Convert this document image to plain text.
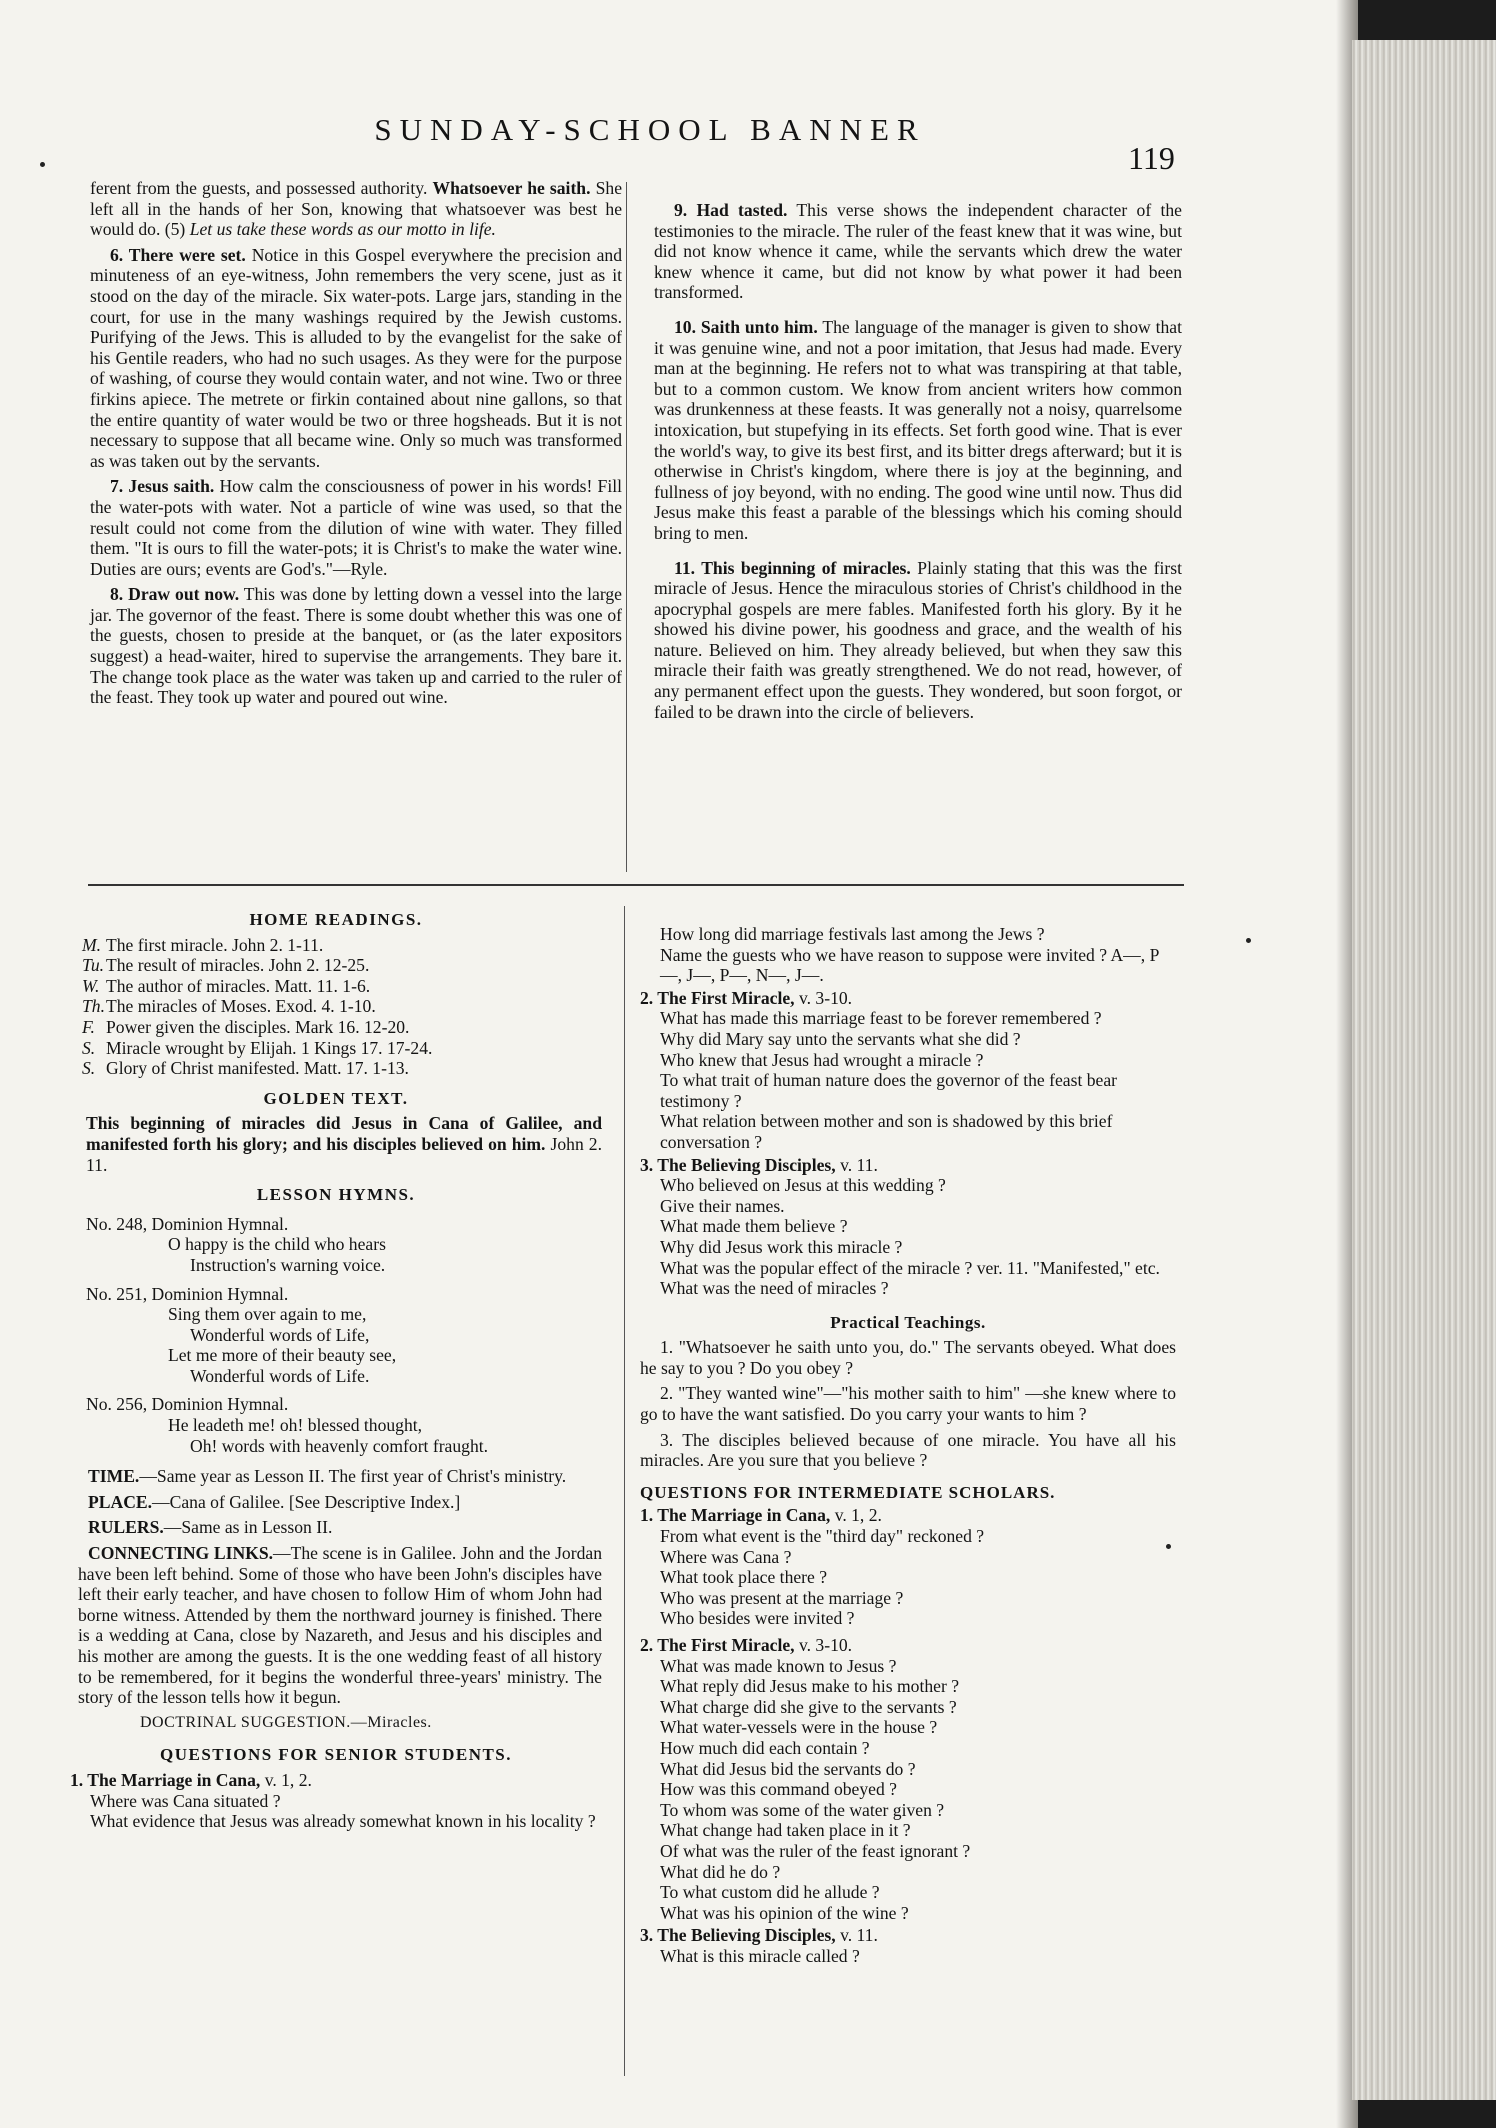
SUNDAY-SCHOOL BANNER
119

ferent from the guests, and possessed authority. Whatsoever he saith. She left all in the hands of her Son, knowing that whatsoever was best he would do. (5) Let us take these words as our motto in life.

6. There were set. Notice in this Gospel everywhere the precision and minuteness of an eye-witness, John remembers the very scene, just as it stood on the day of the miracle. Six water-pots. Large jars, standing in the court, for use in the many washings required by the Jewish customs. Purifying of the Jews. This is alluded to by the evangelist for the sake of his Gentile readers, who had no such usages. As they were for the purpose of washing, of course they would contain water, and not wine. Two or three firkins apiece. The metrete or firkin contained about nine gallons, so that the entire quantity of water would be two or three hogsheads. But it is not necessary to suppose that all became wine. Only so much was transformed as was taken out by the servants.

7. Jesus saith. How calm the consciousness of power in his words! Fill the water-pots with water. Not a particle of wine was used, so that the result could not come from the dilution of wine with water. They filled them. "It is ours to fill the water-pots; it is Christ's to make the water wine. Duties are ours; events are God's."—Ryle.

8. Draw out now. This was done by letting down a vessel into the large jar. The governor of the feast. There is some doubt whether this was one of the guests, chosen to preside at the banquet, or (as the later expositors suggest) a head-waiter, hired to supervise the arrangements. They bare it. The change took place as the water was taken up and carried to the ruler of the feast. They took up water and poured out wine.

9. Had tasted. This verse shows the independent character of the testimonies to the miracle. The ruler of the feast knew that it was wine, but did not know whence it came, while the servants which drew the water knew whence it came, but did not know by what power it had been transformed.

10. Saith unto him. The language of the manager is given to show that it was genuine wine, and not a poor imitation, that Jesus had made. Every man at the beginning. He refers not to what was transpiring at that table, but to a common custom. We know from ancient writers how common was drunkenness at these feasts. It was generally not a noisy, quarrelsome intoxication, but stupefying in its effects. Set forth good wine. That is ever the world's way, to give its best first, and its bitter dregs afterward; but it is otherwise in Christ's kingdom, where there is joy at the beginning, and fullness of joy beyond, with no ending. The good wine until now. Thus did Jesus make this feast a parable of the blessings which his coming should bring to men.

11. This beginning of miracles. Plainly stating that this was the first miracle of Jesus. Hence the miraculous stories of Christ's childhood in the apocryphal gospels are mere fables. Manifested forth his glory. By it he showed his divine power, his goodness and grace, and the wealth of his nature. Believed on him. They already believed, but when they saw this miracle their faith was greatly strengthened. We do not read, however, of any permanent effect upon the guests. They wondered, but soon forgot, or failed to be drawn into the circle of believers.

HOME READINGS.
M. The first miracle. John 2. 1-11.
Tu. The result of miracles. John 2. 12-25.
W. The author of miracles. Matt. 11. 1-6.
Th.The miracles of Moses. Exod. 4. 1-10.
F. Power given the disciples. Mark 16. 12-20.
S. Miracle wrought by Elijah. 1 Kings 17. 17-24.
S. Glory of Christ manifested. Matt. 17. 1-13.
GOLDEN TEXT.
This beginning of miracles did Jesus in Cana of Galilee, and manifested forth his glory; and his disciples believed on him. John 2. 11.
LESSON HYMNS.
No. 248, Dominion Hymnal.
O happy is the child who hears
Instruction's warning voice.
No. 251, Dominion Hymnal.
Sing them over again to me,
Wonderful words of Life,
Let me more of their beauty see,
Wonderful words of Life.
No. 256, Dominion Hymnal.
He leadeth me! oh! blessed thought,
Oh! words with heavenly comfort fraught.

TIME.—Same year as Lesson II. The first year of Christ's ministry.

PLACE.—Cana of Galilee. [See Descriptive Index.]

RULERS.—Same as in Lesson II.

CONNECTING LINKS.—The scene is in Galilee. John and the Jordan have been left behind. Some of those who have been John's disciples have left their early teacher, and have chosen to follow Him of whom John had borne witness. Attended by them the northward journey is finished. There is a wedding at Cana, close by Nazareth, and Jesus and his disciples and his mother are among the guests. It is the one wedding feast of all history to be remembered, for it begins the wonderful three-years' ministry. The story of the lesson tells how it begun.

DOCTRINAL SUGGESTION.—Miracles.

QUESTIONS FOR SENIOR STUDENTS.
1. The Marriage in Cana, v. 1, 2.
Where was Cana situated ?
What evidence that Jesus was already somewhat known in his locality ?
How long did marriage festivals last among the Jews ?
Name the guests who we have reason to suppose were invited ? A—, P—, J—, P—, N—, J—.
2. The First Miracle, v. 3-10.
What has made this marriage feast to be forever remembered ?
Why did Mary say unto the servants what she did ?
Who knew that Jesus had wrought a miracle ?
To what trait of human nature does the governor of the feast bear testimony ?
What relation between mother and son is shadowed by this brief conversation ?
3. The Believing Disciples, v. 11.
Who believed on Jesus at this wedding ?
Give their names.
What made them believe ?
Why did Jesus work this miracle ?
What was the popular effect of the miracle ? ver. 11. "Manifested," etc.
What was the need of miracles ?
Practical Teachings.

1. "Whatsoever he saith unto you, do." The servants obeyed. What does he say to you ? Do you obey ?

2. "They wanted wine"—"his mother saith to him" —she knew where to go to have the want satisfied. Do you carry your wants to him ?

3. The disciples believed because of one miracle. You have all his miracles. Are you sure that you believe ?

QUESTIONS FOR INTERMEDIATE SCHOLARS.
1. The Marriage in Cana, v. 1, 2.
From what event is the "third day" reckoned ?
Where was Cana ?
What took place there ?
Who was present at the marriage ?
Who besides were invited ?
2. The First Miracle, v. 3-10.
What was made known to Jesus ?
What reply did Jesus make to his mother ?
What charge did she give to the servants ?
What water-vessels were in the house ?
How much did each contain ?
What did Jesus bid the servants do ?
How was this command obeyed ?
To whom was some of the water given ?
What change had taken place in it ?
Of what was the ruler of the feast ignorant ?
What did he do ?
To what custom did he allude ?
What was his opinion of the wine ?
3. The Believing Disciples, v. 11.
What is this miracle called ?
